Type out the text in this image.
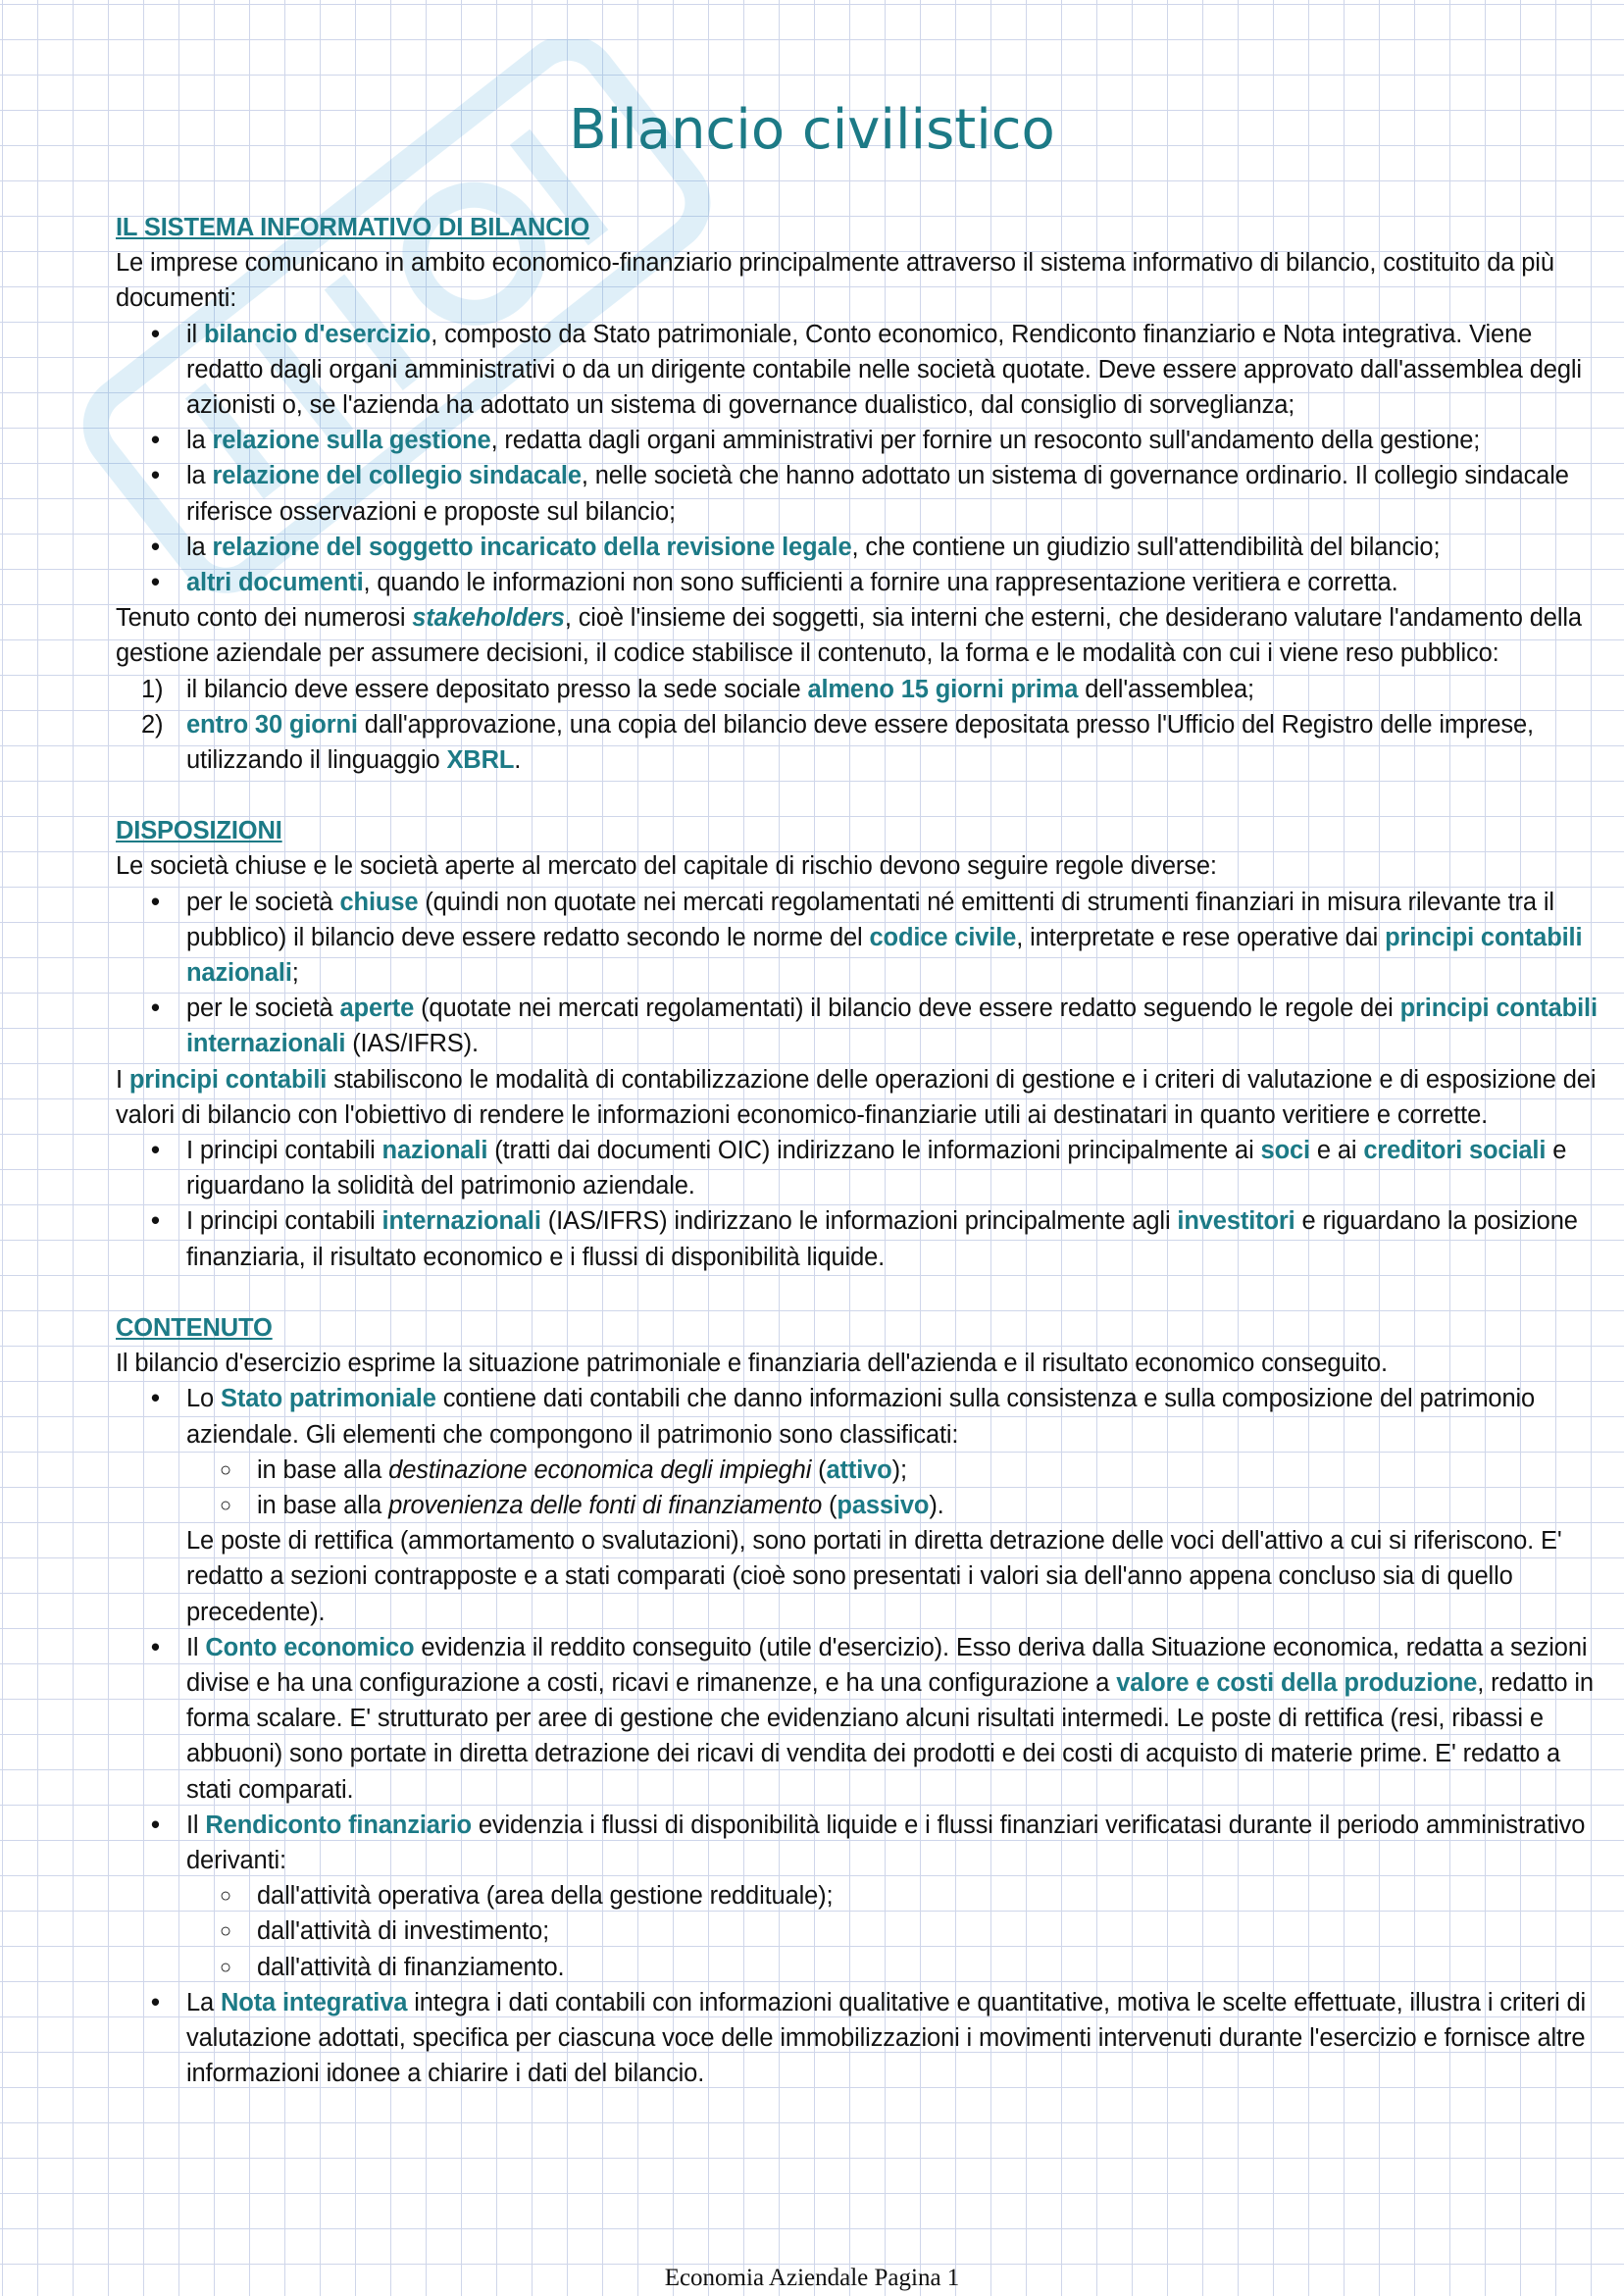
Bilancio civilistico
IL SISTEMA INFORMATIVO DI BILANCIO

Le imprese comunicano in ambito economico-finanziario principalmente attraverso il sistema informativo di bilancio, costituito da più documenti:

• il bilancio d'esercizio, composto da Stato patrimoniale, Conto economico, Rendiconto finanziario e Nota integrativa. Viene redatto dagli organi amministrativi o da un dirigente contabile nelle società quotate. Deve essere approvato dall'assemblea degli azionisti o, se l'azienda ha adottato un sistema di governance dualistico, dal consiglio di sorveglianza;
• la relazione sulla gestione, redatta dagli organi amministrativi per fornire un resoconto sull'andamento della gestione;
• la relazione del collegio sindacale, nelle società che hanno adottato un sistema di governance ordinario. Il collegio sindacale riferisce osservazioni e proposte sul bilancio;
• la relazione del soggetto incaricato della revisione legale, che contiene un giudizio sull'attendibilità del bilancio;
• altri documenti, quando le informazioni non sono sufficienti a fornire una rappresentazione veritiera e corretta.

Tenuto conto dei numerosi stakeholders, cioè l'insieme dei soggetti, sia interni che esterni, che desiderano valutare l'andamento della gestione aziendale per assumere decisioni, il codice stabilisce il contenuto, la forma e le modalità con cui i viene reso pubblico:

1) il bilancio deve essere depositato presso la sede sociale almeno 15 giorni prima dell'assemblea;
2) entro 30 giorni dall'approvazione, una copia del bilancio deve essere depositata presso l'Ufficio del Registro delle imprese, utilizzando il linguaggio XBRL.
DISPOSIZIONI

Le società chiuse e le società aperte al mercato del capitale di rischio devono seguire regole diverse:

• per le società chiuse (quindi non quotate nei mercati regolamentati né emittenti di strumenti finanziari in misura rilevante tra il pubblico) il bilancio deve essere redatto secondo le norme del codice civile, interpretate e rese operative dai principi contabili nazionali;
• per le società aperte (quotate nei mercati regolamentati) il bilancio deve essere redatto seguendo le regole dei principi contabili internazionali (IAS/IFRS).

I principi contabili stabiliscono le modalità di contabilizzazione delle operazioni di gestione e i criteri di valutazione e di esposizione dei valori di bilancio con l'obiettivo di rendere le informazioni economico-finanziarie utili ai destinatari in quanto veritiere e corrette.

• I principi contabili nazionali (tratti dai documenti OIC) indirizzano le informazioni principalmente ai soci e ai creditori sociali e riguardano la solidità del patrimonio aziendale.
• I principi contabili internazionali (IAS/IFRS) indirizzano le informazioni principalmente agli investitori e riguardano la posizione finanziaria, il risultato economico e i flussi di disponibilità liquide.
CONTENUTO

Il bilancio d'esercizio esprime la situazione patrimoniale e finanziaria dell'azienda e il risultato economico conseguito.

• Lo Stato patrimoniale contiene dati contabili che danno informazioni sulla consistenza e sulla composizione del patrimonio aziendale. Gli elementi che compongono il patrimonio sono classificati:
○ in base alla destinazione economica degli impieghi (attivo);
○ in base alla provenienza delle fonti di finanziamento (passivo).

Le poste di rettifica (ammortamento o svalutazioni), sono portati in diretta detrazione delle voci dell'attivo a cui si riferiscono. E' redatto a sezioni contrapposte e a stati comparati (cioè sono presentati i valori sia dell'anno appena concluso sia di quello precedente).

• Il Conto economico evidenzia il reddito conseguito (utile d'esercizio). Esso deriva dalla Situazione economica, redatta a sezioni divise e ha una configurazione a costi, ricavi e rimanenze, e ha una configurazione a valore e costi della produzione, redatto in forma scalare. E' strutturato per aree di gestione che evidenziano alcuni risultati intermedi. Le poste di rettifica (resi, ribassi e abbuoni) sono portate in diretta detrazione dei ricavi di vendita dei prodotti e dei costi di acquisto di materie prime. E' redatto a stati comparati.
• Il Rendiconto finanziario evidenzia i flussi di disponibilità liquide e i flussi finanziari verificatasi durante il periodo amministrativo derivanti:
○ dall'attività operativa (area della gestione reddituale);
○ dall'attività di investimento;
○ dall'attività di finanziamento.
• La Nota integrativa integra i dati contabili con informazioni qualitative e quantitative, motiva le scelte effettuate, illustra i criteri di valutazione adottati, specifica per ciascuna voce delle immobilizzazioni i movimenti intervenuti durante l'esercizio e fornisce altre informazioni idonee a chiarire i dati del bilancio.
Economia Aziendale Pagina 1
